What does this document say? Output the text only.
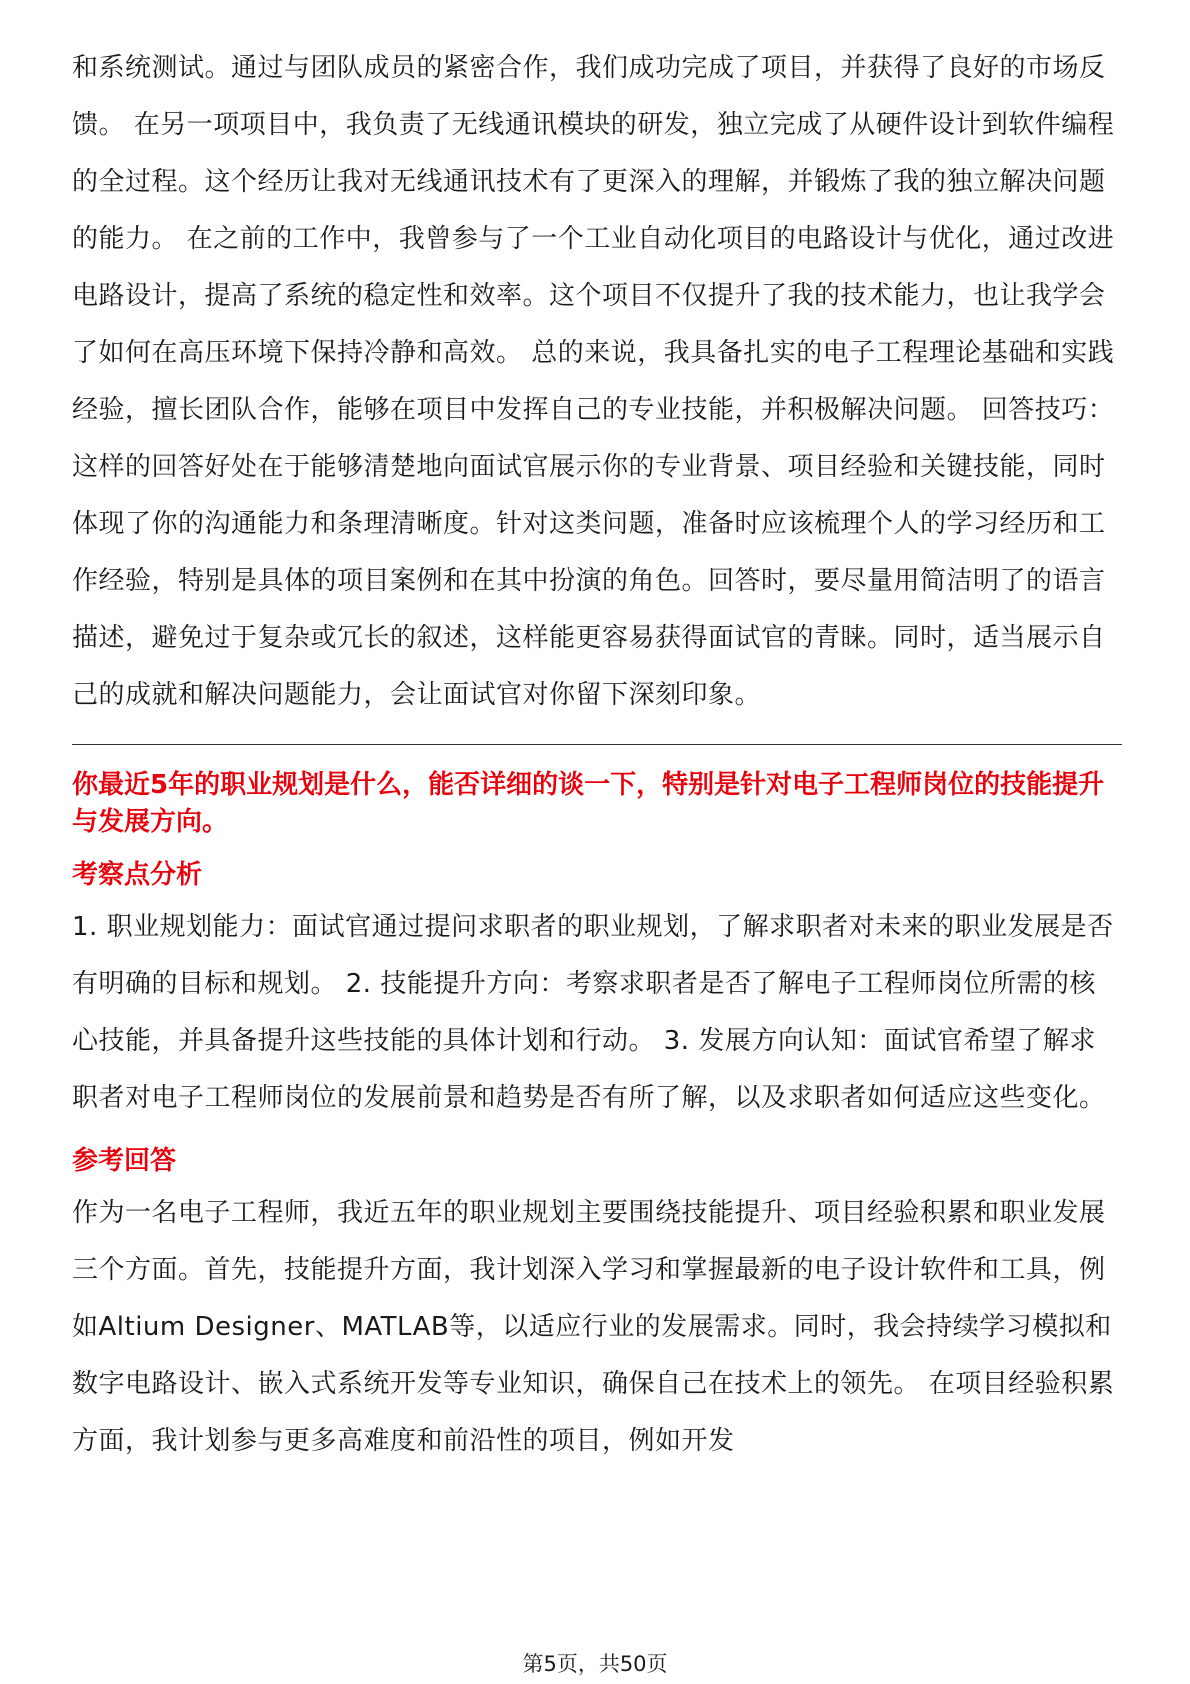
和系统测试。通过与团队成员的紧密合作，我们成功完成了项目，并获得了良好的市场反馈。 在另一项项目中，我负责了无线通讯模块的研发，独立完成了从硬件设计到软件编程的全过程。这个经历让我对无线通讯技术有了更深入的理解，并锻炼了我的独立解决问题的能力。 在之前的工作中，我曾参与了一个工业自动化项目的电路设计与优化，通过改进电路设计，提高了系统的稳定性和效率。这个项目不仅提升了我的技术能力，也让我学会了如何在高压环境下保持冷静和高效。 总的来说，我具备扎实的电子工程理论基础和实践经验，擅长团队合作，能够在项目中发挥自己的专业技能，并积极解决问题。 回答技巧： 这样的回答好处在于能够清楚地向面试官展示你的专业背景、项目经验和关键技能，同时体现了你的沟通能力和条理清晰度。针对这类问题，准备时应该梳理个人的学习经历和工作经验，特别是具体的项目案例和在其中扮演的角色。回答时，要尽量用简洁明了的语言描述，避免过于复杂或冗长的叙述，这样能更容易获得面试官的青睐。同时，适当展示自己的成就和解决问题能力，会让面试官对你留下深刻印象。

你最近5年的职业规划是什么，能否详细的谈一下，特别是针对电子工程师岗位的技能提升与发展方向。

考察点分析

1. 职业规划能力：面试官通过提问求职者的职业规划，了解求职者对未来的职业发展是否有明确的目标和规划。 2. 技能提升方向：考察求职者是否了解电子工程师岗位所需的核心技能，并具备提升这些技能的具体计划和行动。 3. 发展方向认知：面试官希望了解求职者对电子工程师岗位的发展前景和趋势是否有所了解，以及求职者如何适应这些变化。

参考回答

作为一名电子工程师，我近五年的职业规划主要围绕技能提升、项目经验积累和职业发展三个方面。首先，技能提升方面，我计划深入学习和掌握最新的电子设计软件和工具，例如Altium Designer、MATLAB等，以适应行业的发展需求。同时，我会持续学习模拟和数字电路设计、嵌入式系统开发等专业知识，确保自己在技术上的领先。 在项目经验积累方面，我计划参与更多高难度和前沿性的项目，例如开发

第5页，共50页
